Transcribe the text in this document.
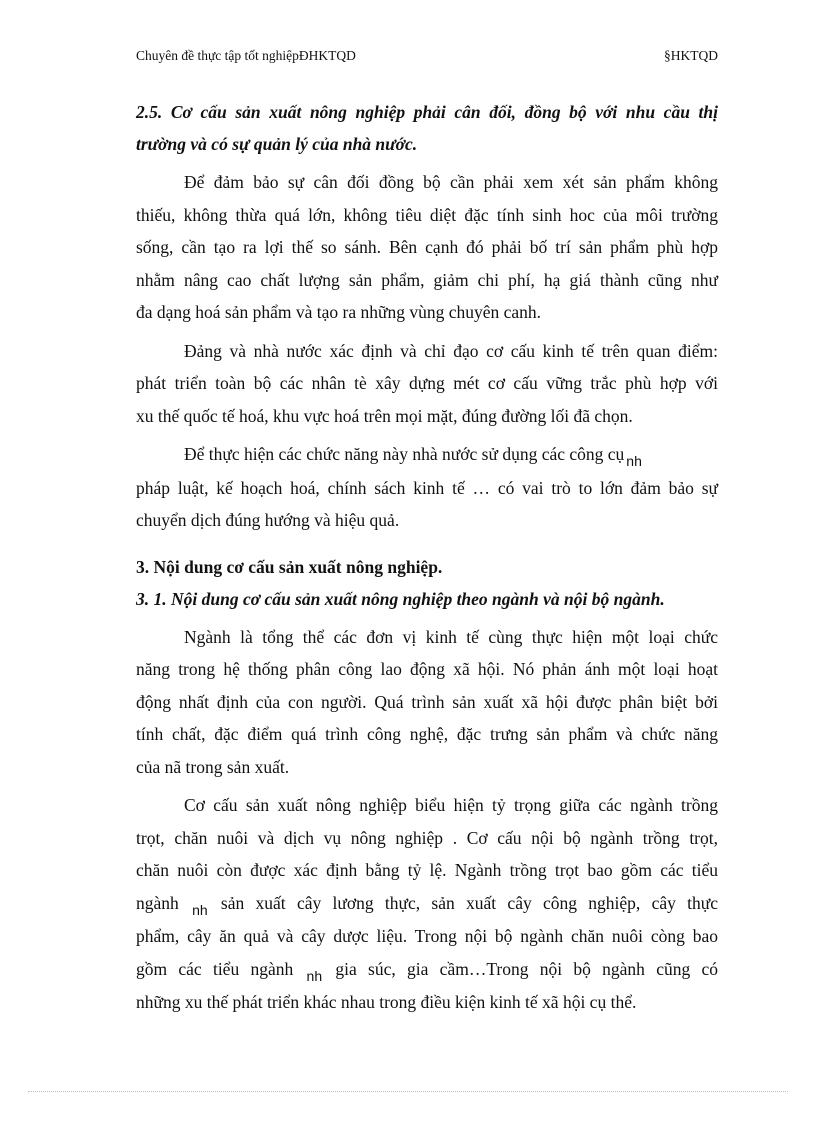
Chuyên đề thực tập tốt nghiệpĐHKTQD	§HKTQD

2.5. Cơ cấu sản xuất nông nghiệp phải cân đối, đồng bộ với nhu cầu thị
trường và có sự quản lý của nhà nước.

Để đảm bảo sự cân đối đồng bộ cần phải xem xét sản phẩm không
thiếu, không thừa quá lớn, không tiêu diệt đặc tính sinh hoc của môi trường
sống, cần tạo ra lợi thế so sánh. Bên cạnh đó phải bố trí sản phẩm phù hợp
nhằm nâng cao chất lượng sản phẩm, giảm chi phí, hạ giá thành cũng như
đa dạng hoá sản phẩm và tạo ra những vùng chuyên canh.

Đảng và nhà nước xác định và chỉ đạo cơ cấu kinh tế trên quan điểm:
phát triển toàn bộ các nhân tè xây dựng mét cơ cấu vững trắc phù hợp với
xu thế quốc tế hoá, khu vực hoá trên mọi mặt, đúng đường lối đã chọn.

Để thực hiện các chức năng này nhà nước sử dụng các công cụ $_{nh}$
pháp luật, kế hoạch hoá, chính sách kinh tế … có vai trò to lớn đảm bảo sự
chuyển dịch đúng hướng và hiệu quả.

3. Nội dung cơ cấu sản xuất nông nghiệp.

3. 1. Nội dung cơ cấu sản xuất nông nghiệp theo ngành và nội bộ ngành.

Ngành là tổng thể các đơn vị kinh tế cùng thực hiện một loại chức
năng trong hệ thống phân công lao động xã hội. Nó phản ánh một loại hoạt
động nhất định của con người. Quá trình sản xuất xã hội được phân biệt bởi
tính chất, đặc điểm quá trình công nghệ, đặc trưng sản phẩm và chức năng
của nã trong sản xuất.

Cơ cấu sản xuất nông nghiệp biểu hiện tỷ trọng giữa các ngành trồng
trọt, chăn nuôi và dịch vụ nông nghiệp . Cơ cấu nội bộ ngành trồng trọt,
chăn nuôi còn được xác định bằng tỷ lệ. Ngành trồng trọt bao gồm các tiểu
ngành $_{nh}$ sản xuất cây lương thực, sản xuất cây công nghiệp, cây thực
phẩm, cây ăn quả và cây dược liệu. Trong nội bộ ngành chăn nuôi còng bao
gồm các tiểu ngành $_{nh}$ gia súc, gia cầm…Trong nội bộ ngành cũng có
những xu thế phát triển khác nhau trong điều kiện kinh tế xã hội cụ thể.
